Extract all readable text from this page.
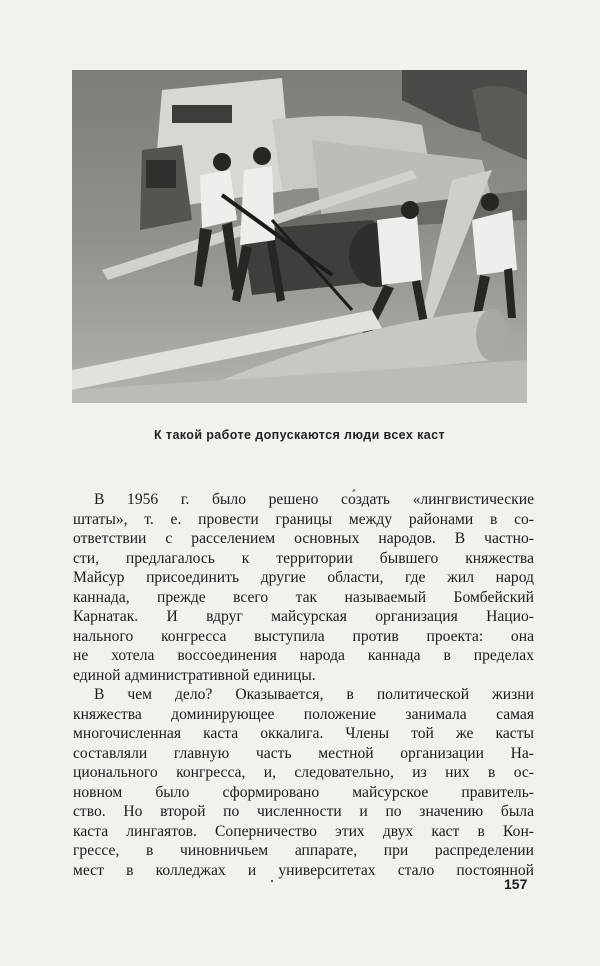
К такой работе допускаются люди всех каст
В 1956 г. было решено со́здать «лингвистические
штаты», т. е. провести границы между районами в со-
ответствии с расселением основных народов. В частно-
сти, предлагалось к территории бывшего княжества
Майсур присоединить другие области, где жил народ
каннада, прежде всего так называемый Бомбейский
Карнатак. И вдруг майсурская организация Нацио-
нального конгресса выступила против проекта: она
не хотела воссоединения народа каннада в пределах
единой административной единицы.
В чем дело? Оказывается, в политической жизни
княжества доминирующее положение занимала самая
многочисленная каста оккалига. Члены той же касты
составляли главную часть местной организации На-
ционального конгресса, и, следовательно, из них в ос-
новном было сформировано майсурское правитель-
ство. Но второй по численности и по значению была
каста лингаятов. Соперничество этих двух каст в Кон-
грессе, в чиновничьем аппарате, при распределении
мест в колледжах и университетах стало постоянной
157
